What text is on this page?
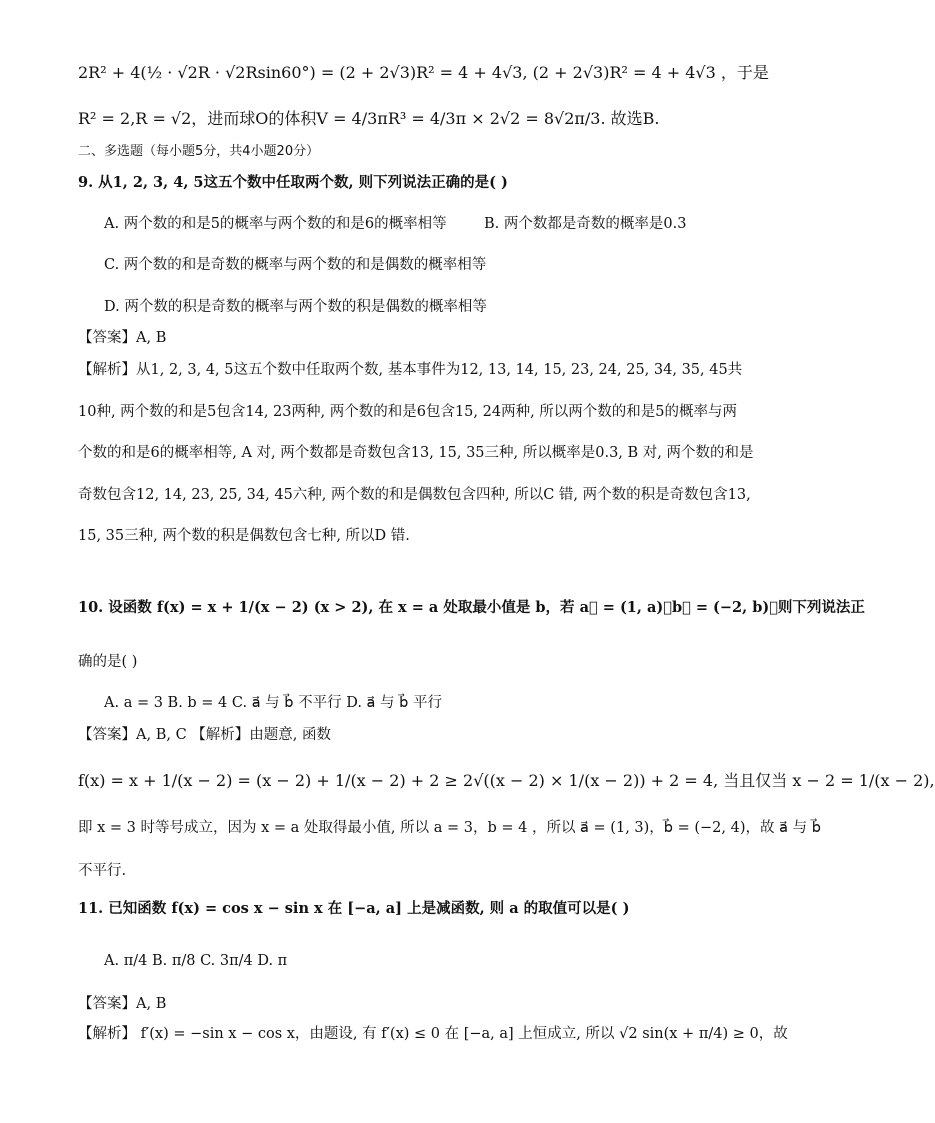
2R² + 4(½ · √2R · √2Rsin60°) = (2 + 2√3)R² = 4 + 4√3, (2 + 2√3)R² = 4 + 4√3 ，于是
R² = 2,R = √2，进而球O的体积V = 4/3πR³ = 4/3π × 2√2 = 8√2π/3. 故选B.
二、多选题（每小题5分，共4小题20分）
9. 从1, 2, 3, 4, 5这五个数中任取两个数, 则下列说法正确的是( )
A. 两个数的和是5的概率与两个数的和是6的概率相等	B. 两个数都是奇数的概率是0.3
C. 两个数的和是奇数的概率与两个数的和是偶数的概率相等
D. 两个数的积是奇数的概率与两个数的积是偶数的概率相等
【答案】A, B
【解析】从1, 2, 3, 4, 5这五个数中任取两个数, 基本事件为12, 13, 14, 15, 23, 24, 25, 34, 35, 45共
10种, 两个数的和是5包含14, 23两种, 两个数的和是6包含15, 24两种, 所以两个数的和是5的概率与两
个数的和是6的概率相等, A 对, 两个数都是奇数包含13, 15, 35三种, 所以概率是0.3, B 对, 两个数的和是
奇数包含12, 14, 23, 25, 34, 45六种, 两个数的和是偶数包含四种, 所以C 错, 两个数的积是奇数包含13,
15, 35三种, 两个数的积是偶数包含七种, 所以D 错.
10. 设函数 f(x) = x + 1/(x − 2) (x > 2), 在 x = a 处取最小值是 b，若 a⃗ = (1, a)，b⃗ = (−2, b)，则下列说法正
确的是( )
A. a = 3 B. b = 4 C. a⃗ 与 b⃗ 不平行 D. a⃗ 与 b⃗ 平行
【答案】A, B, C 【解析】由题意, 函数
f(x) = x + 1/(x − 2) = (x − 2) + 1/(x − 2) + 2 ≥ 2√((x − 2) × 1/(x − 2)) + 2 = 4, 当且仅当 x − 2 = 1/(x − 2),
即 x = 3 时等号成立，因为 x = a 处取得最小值, 所以 a = 3，b = 4 ，所以 a⃗ = (1, 3)，b⃗ = (−2, 4)，故 a⃗ 与 b⃗
不平行.
11. 已知函数 f(x) = cos x − sin x 在 [−a, a] 上是减函数, 则 a 的取值可以是( )
A. π/4 B. π/8 C. 3π/4 D. π
【答案】A, B
【解析】 f′(x) = −sin x − cos x，由题设, 有 f′(x) ≤ 0 在 [−a, a] 上恒成立, 所以 √2 sin(x + π/4) ≥ 0，故
